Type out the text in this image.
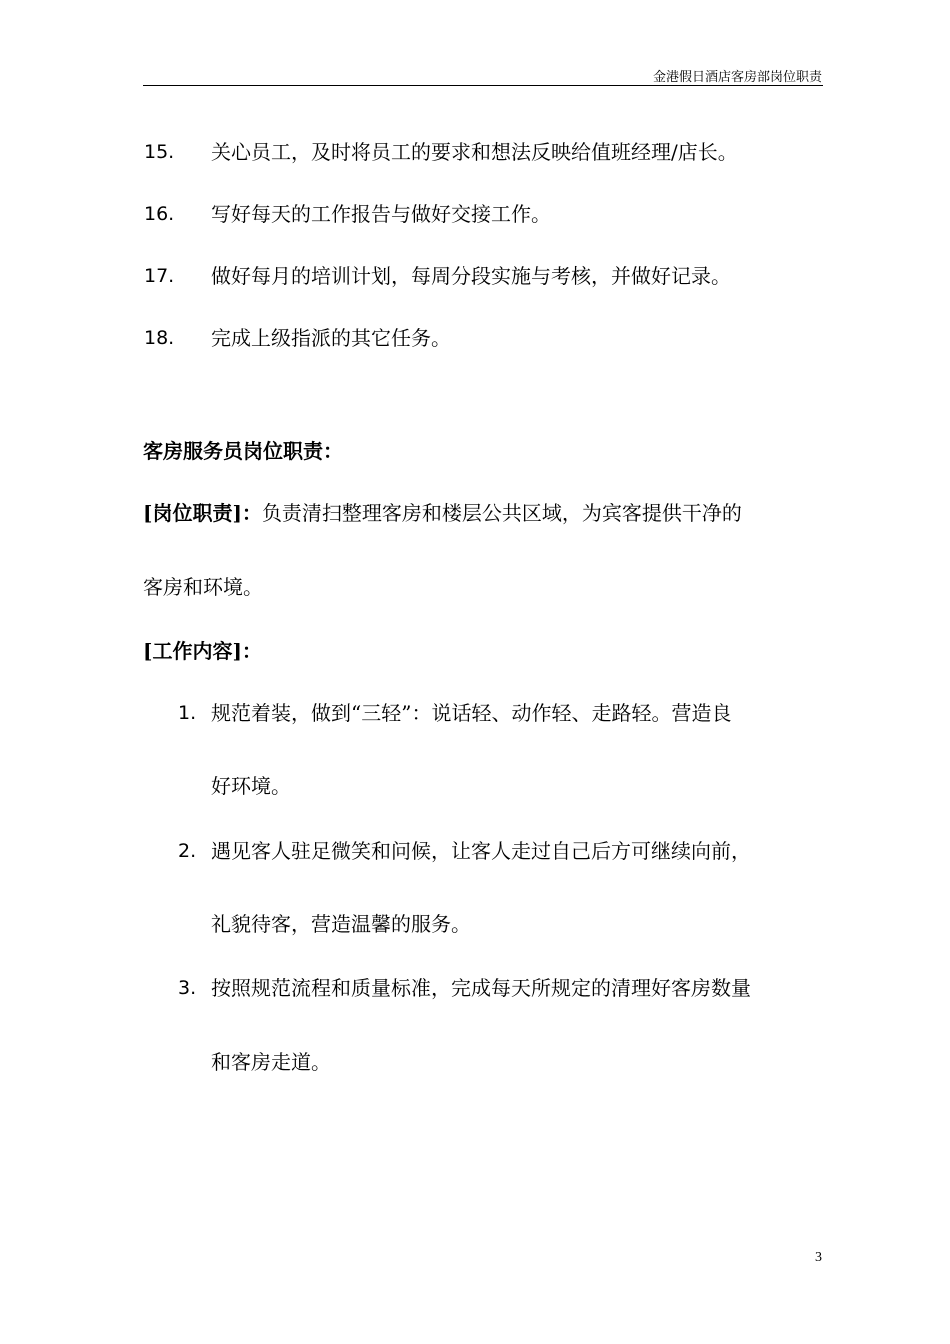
金港假日酒店客房部岗位职责
15. 关心员工，及时将员工的要求和想法反映给值班经理/店长。
16. 写好每天的工作报告与做好交接工作。
17. 做好每月的培训计划，每周分段实施与考核，并做好记录。
18. 完成上级指派的其它任务。
客房服务员岗位职责：
[岗位职责]：负责清扫整理客房和楼层公共区域，为宾客提供干净的
客房和环境。
[工作内容]：
1. 规范着装，做到“三轻”：说话轻、动作轻、走路轻。营造良
好环境。
2. 遇见客人驻足微笑和问候，让客人走过自己后方可继续向前，
礼貌待客，营造温馨的服务。
3. 按照规范流程和质量标准，完成每天所规定的清理好客房数量
和客房走道。
3
